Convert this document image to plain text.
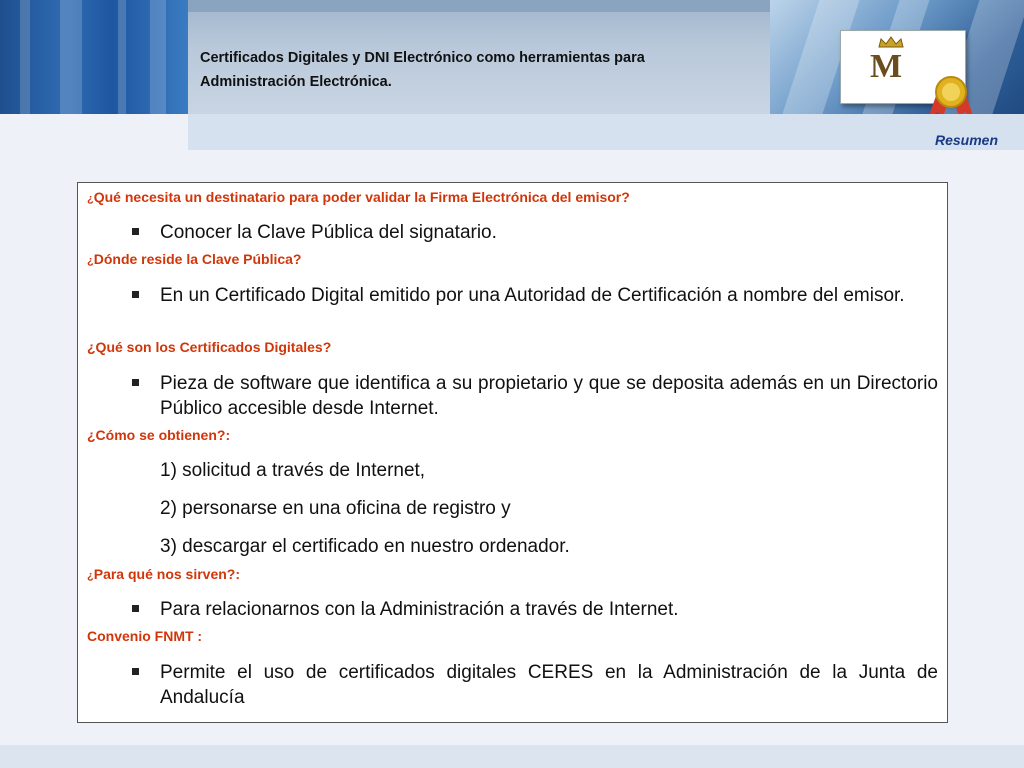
Certificados Digitales y DNI Electrónico como herramientas para
Administración Electrónica.	M
Resumen
¿Qué necesita un destinatario para poder validar la Firma Electrónica del emisor?
Conocer la Clave Pública del signatario.
¿Dónde reside la Clave Pública?
En un Certificado Digital emitido por una Autoridad de Certificación a nombre del emisor.
¿Qué son los Certificados Digitales?
Pieza de software que identifica a su propietario y que se deposita además en un Directorio Público accesible desde Internet.
¿Cómo se obtienen?:
1) solicitud a través de Internet,
2) personarse en una oficina de registro y
3) descargar el certificado en nuestro ordenador.
¿Para qué nos sirven?:
Para relacionarnos con la Administración a través de Internet.
Convenio FNMT :
Permite el uso de certificados digitales CERES en la Administración de la Junta de Andalucía
